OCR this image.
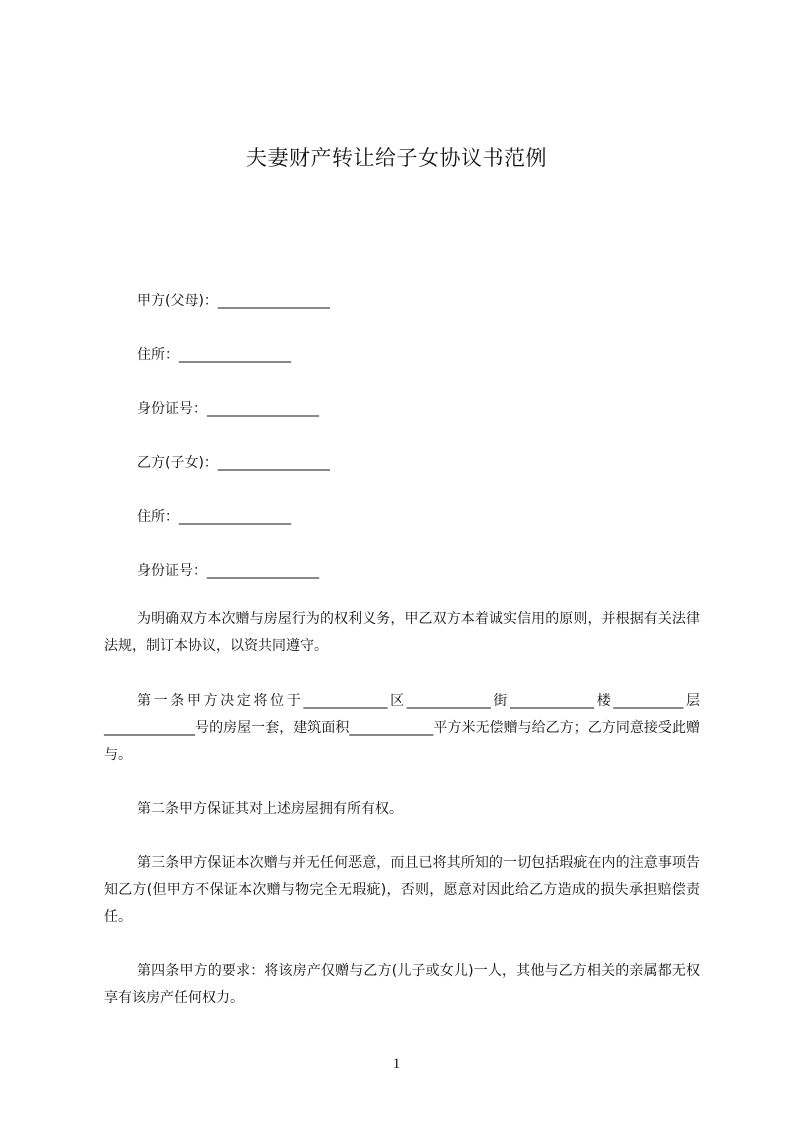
夫妻财产转让给子女协议书范例
甲方(父母)：________________
住所：________________
身份证号：________________
乙方(子女)：________________
住所：________________
身份证号：________________

为明确双方本次赠与房屋行为的权利义务，甲乙双方本着诚实信用的原则，并根据有关法律法规，制订本协议，以资共同遵守。

第一条甲方决定将位于____________区____________街____________楼__________层_____________号的房屋一套，建筑面积____________平方米无偿赠与给乙方；乙方同意接受此赠与。

第二条甲方保证其对上述房屋拥有所有权。

第三条甲方保证本次赠与并无任何恶意，而且已将其所知的一切包括瑕疵在内的注意事项告知乙方(但甲方不保证本次赠与物完全无瑕疵)，否则，愿意对因此给乙方造成的损失承担赔偿责任。

第四条甲方的要求：将该房产仅赠与乙方(儿子或女儿)一人，其他与乙方相关的亲属都无权享有该房产任何权力。

1
